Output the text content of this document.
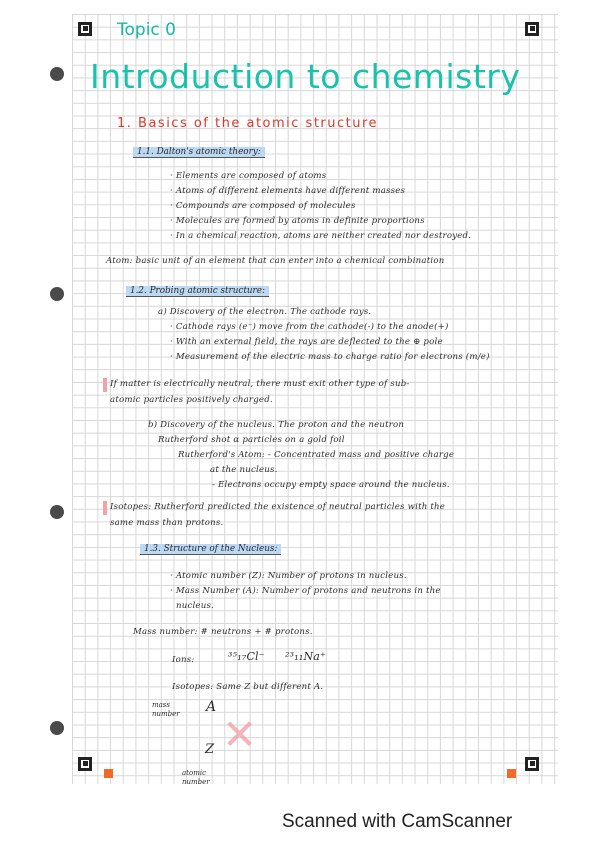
Topic 0
Introduction to chemistry
1. Basics of the atomic structure
1.1. Dalton's atomic theory:
· Elements are composed of atoms
· Atoms of different elements have different masses
· Compounds are composed of molecules
· Molecules are formed by atoms in definite proportions
· In a chemical reaction, atoms are neither created nor destroyed.
Atom: basic unit of an element that can enter into a chemical combination
1.2. Probing atomic structure:
a) Discovery of the electron. The cathode rays.
· Cathode rays (e⁻) move from the cathode(-) to the anode(+)
· With an external field, the rays are deflected to the ⊕ pole
· Measurement of the electric mass to charge ratio for electrons (m/e)
If matter is electrically neutral, there must exit other type of sub-
atomic particles positively charged.
b) Discovery of the nucleus. The proton and the neutron
Rutherford shot α particles on a gold foil
Rutherford's Atom: - Concentrated mass and positive charge
at the nucleus.
- Electrons occupy empty space around the nucleus.
Isotopes: Rutherford predicted the existence of neutral particles with the
same mass than protons.
1.3. Structure of the Nucleus:
· Atomic number (Z): Number of protons in nucleus.
· Mass Number (A): Number of protons and neutrons in the
nucleus.
Mass number: # neutrons + # protons.
Ions:	³⁵₁₇Cl⁻ ²³₁₁Na⁺
Isotopes: Same Z but different A.
mass
number A
✕
Z
atomic
number
Scanned with CamScanner
